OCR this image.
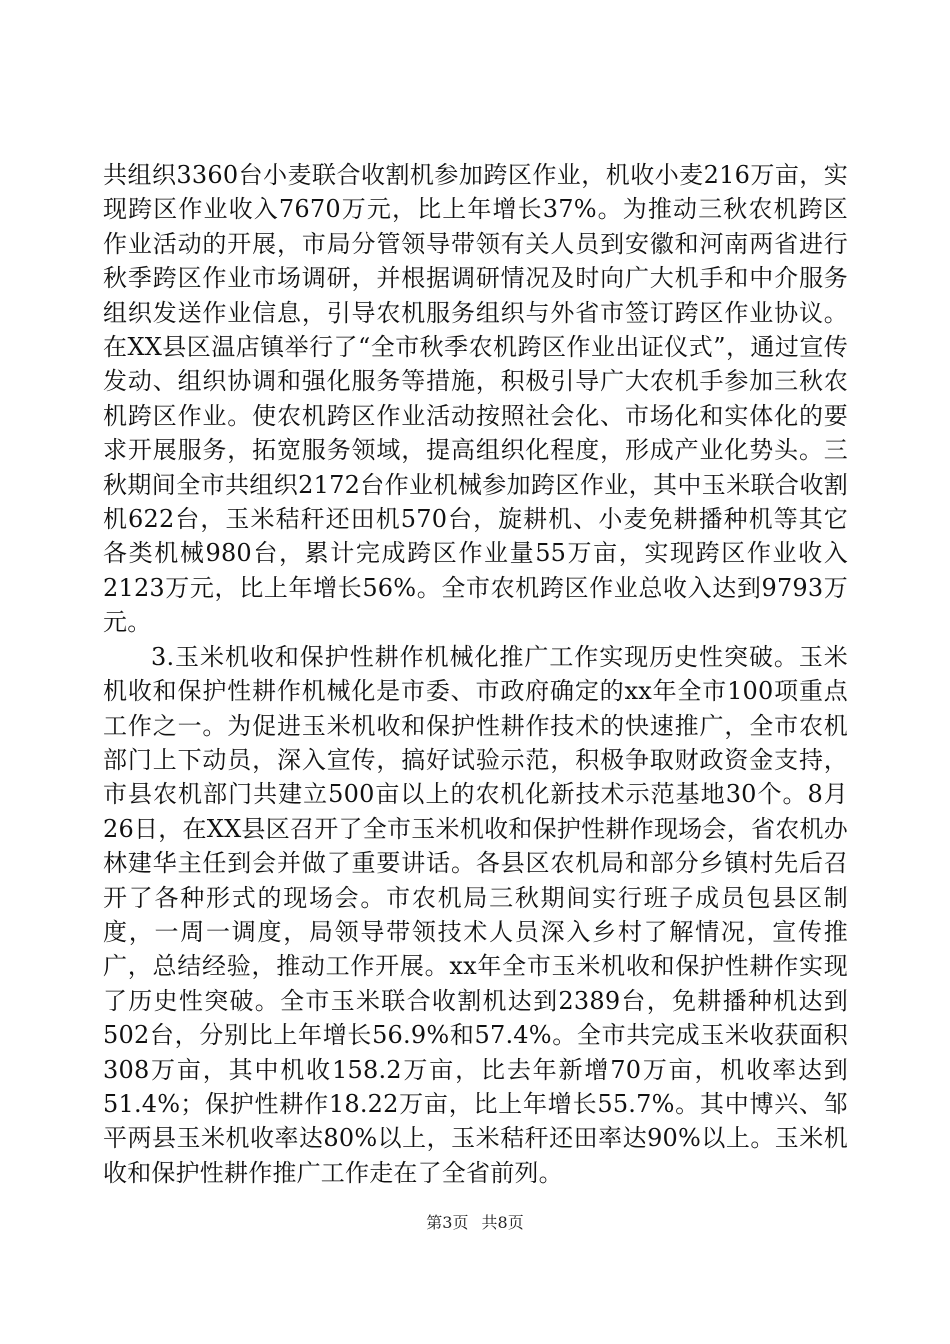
共组织3360台小麦联合收割机参加跨区作业，机收小麦216万亩，实现跨区作业收入7670万元，比上年增长37%。为推动三秋农机跨区作业活动的开展，市局分管领导带领有关人员到安徽和河南两省进行秋季跨区作业市场调研，并根据调研情况及时向广大机手和中介服务组织发送作业信息，引导农机服务组织与外省市签订跨区作业协议。在XX县区温店镇举行了“全市秋季农机跨区作业出证仪式”，通过宣传发动、组织协调和强化服务等措施，积极引导广大农机手参加三秋农机跨区作业。使农机跨区作业活动按照社会化、市场化和实体化的要求开展服务，拓宽服务领域，提高组织化程度，形成产业化势头。三秋期间全市共组织2172台作业机械参加跨区作业，其中玉米联合收割机622台，玉米秸秆还田机570台，旋耕机、小麦免耕播种机等其它各类机械980台，累计完成跨区作业量55万亩，实现跨区作业收入2123万元，比上年增长56%。全市农机跨区作业总收入达到9793万元。

3.玉米机收和保护性耕作机械化推广工作实现历史性突破。玉米机收和保护性耕作机械化是市委、市政府确定的xx年全市100项重点工作之一。为促进玉米机收和保护性耕作技术的快速推广，全市农机部门上下动员，深入宣传，搞好试验示范，积极争取财政资金支持，市县农机部门共建立500亩以上的农机化新技术示范基地30个。8月26日，在XX县区召开了全市玉米机收和保护性耕作现场会，省农机办林建华主任到会并做了重要讲话。各县区农机局和部分乡镇村先后召开了各种形式的现场会。市农机局三秋期间实行班子成员包县区制度，一周一调度，局领导带领技术人员深入乡村了解情况，宣传推广，总结经验，推动工作开展。xx年全市玉米机收和保护性耕作实现了历史性突破。全市玉米联合收割机达到2389台，免耕播种机达到502台，分别比上年增长56.9%和57.4%。全市共完成玉米收获面积308万亩，其中机收158.2万亩，比去年新增70万亩，机收率达到51.4%；保护性耕作18.22万亩，比上年增长55.7%。其中博兴、邹平两县玉米机收率达80%以上，玉米秸秆还田率达90%以上。玉米机收和保护性耕作推广工作走在了全省前列。

第3页 共8页
